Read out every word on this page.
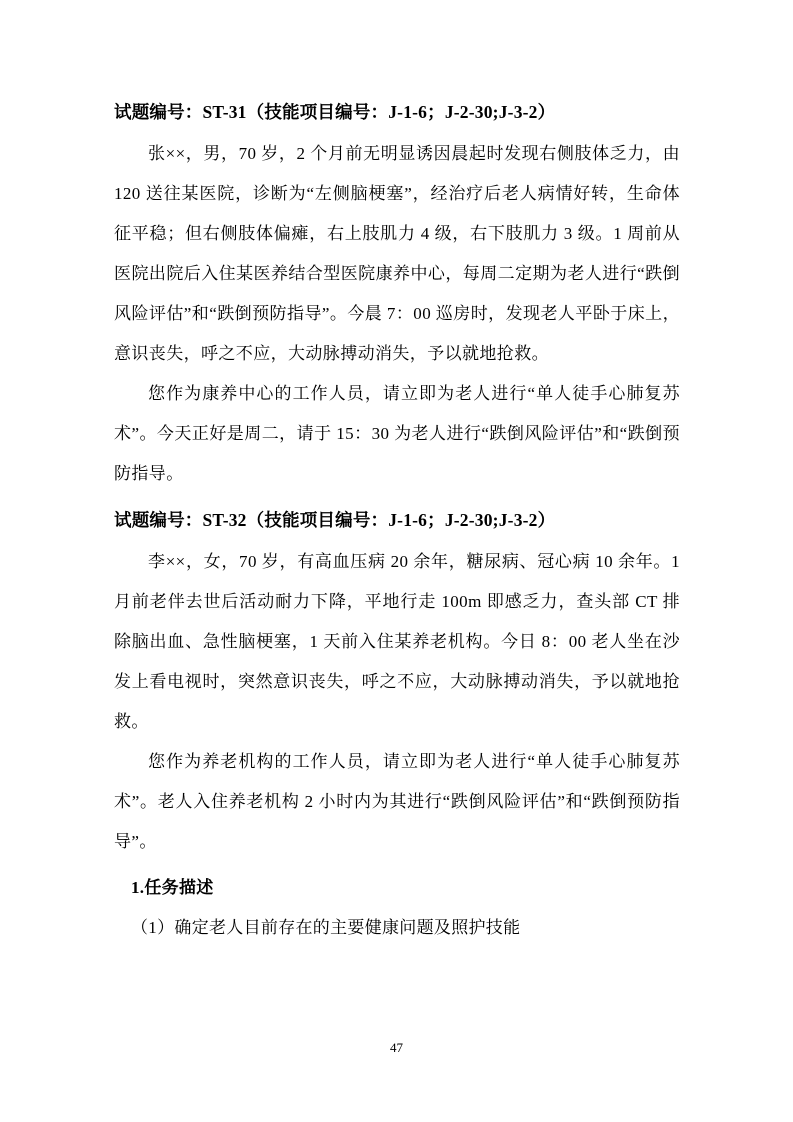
试题编号：ST-31（技能项目编号：J-1-6；J-2-30;J-3-2）

张××，男，70 岁，2 个月前无明显诱因晨起时发现右侧肢体乏力，由 120 送往某医院，诊断为“左侧脑梗塞”，经治疗后老人病情好转，生命体征平稳；但右侧肢体偏瘫，右上肢肌力 4 级，右下肢肌力 3 级。1 周前从医院出院后入住某医养结合型医院康养中心，每周二定期为老人进行“跌倒风险评估”和“跌倒预防指导”。今晨 7：00 巡房时，发现老人平卧于床上，意识丧失，呼之不应，大动脉搏动消失，予以就地抢救。

您作为康养中心的工作人员，请立即为老人进行“单人徒手心肺复苏术”。今天正好是周二，请于 15：30 为老人进行“跌倒风险评估”和“跌倒预防指导。

试题编号：ST-32（技能项目编号：J-1-6；J-2-30;J-3-2）

李××，女，70 岁，有高血压病 20 余年，糖尿病、冠心病 10 余年。1 月前老伴去世后活动耐力下降，平地行走 100m 即感乏力，查头部 CT 排除脑出血、急性脑梗塞，1 天前入住某养老机构。今日 8：00 老人坐在沙发上看电视时，突然意识丧失，呼之不应，大动脉搏动消失，予以就地抢救。

您作为养老机构的工作人员，请立即为老人进行“单人徒手心肺复苏术”。老人入住养老机构 2 小时内为其进行“跌倒风险评估”和“跌倒预防指导”。

1.任务描述

（1）确定老人目前存在的主要健康问题及照护技能

47
